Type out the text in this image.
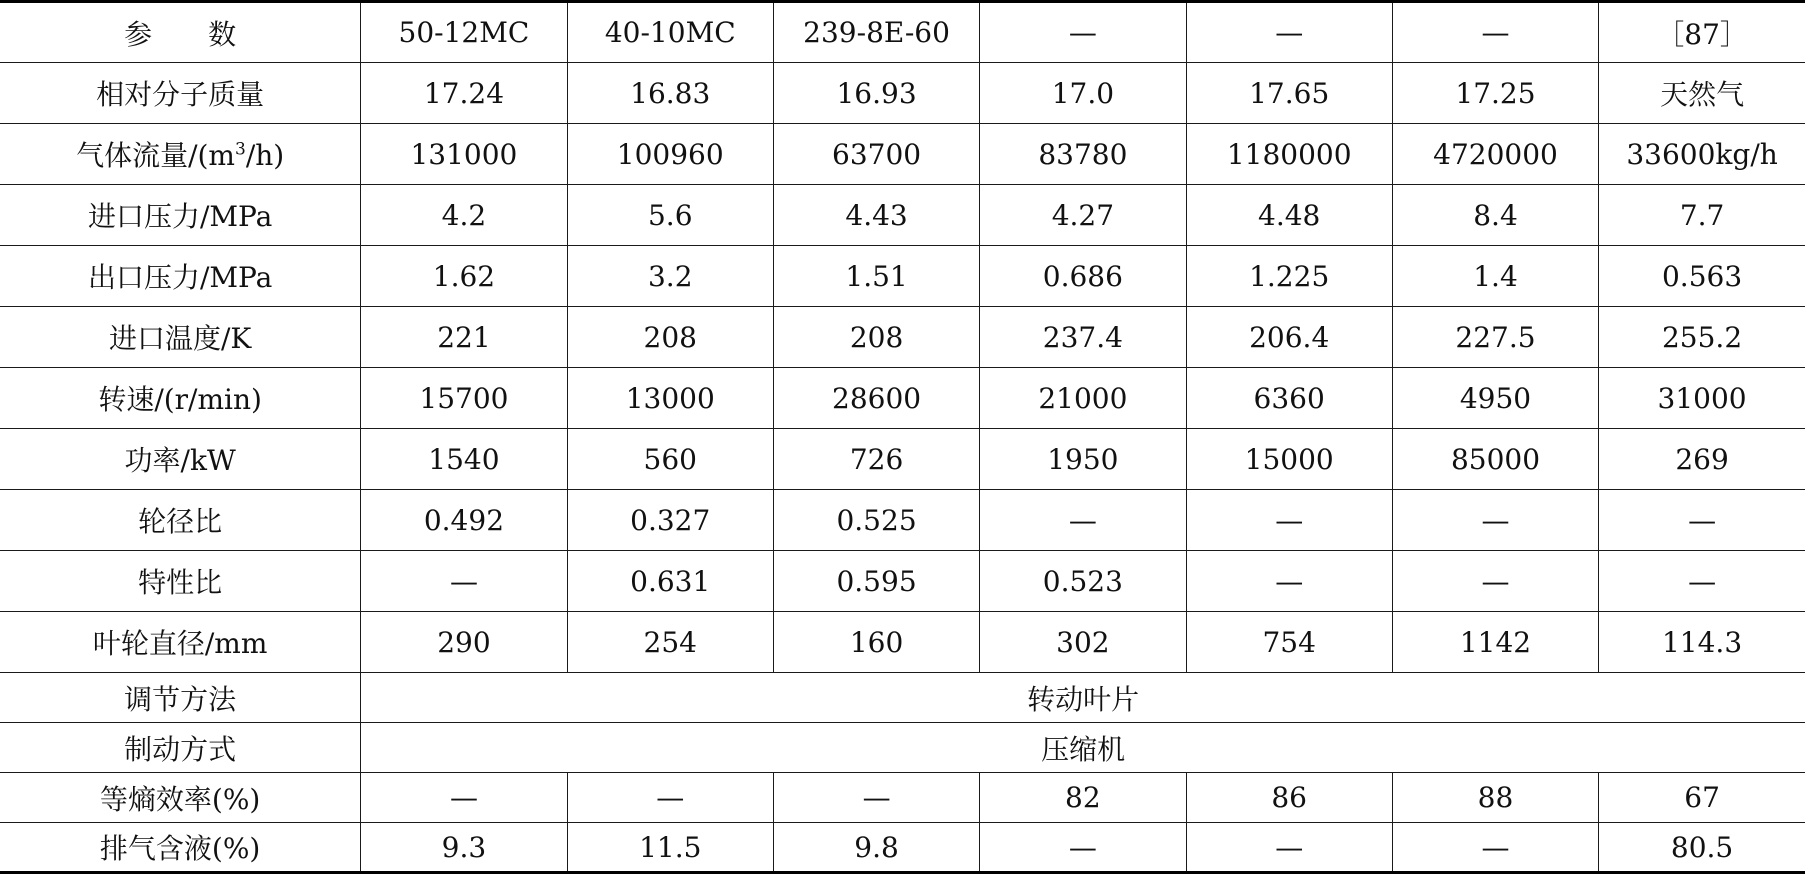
参　　数	50-12MC	40-10MC	239-8E-60	—	—	—	［87］
相对分子质量	17.24	16.83	16.93	17.0	17.65	17.25	天然气
气体流量$/(m^3/h)$	131000	100960	63700	83780	1180000	4720000	33600kg/h
进口压力/MPa	4.2	5.6	4.43	4.27	4.48	8.4	7.7
出口压力/MPa	1.62	3.2	1.51	0.686	1.225	1.4	0.563
进口温度/K	221	208	208	237.4	206.4	227.5	255.2
转速/(r/min)	15700	13000	28600	21000	6360	4950	31000
功率/kW	1540	560	726	1950	15000	85000	269
轮径比	0.492	0.327	0.525	—	—	—	—
特性比	—	0.631	0.595	0.523	—	—	—
叶轮直径/mm	290	254	160	302	754	1142	114.3
调节方法	转动叶片						
制动方式	压缩机						
等熵效率(%)	—	—	—	82	86	88	67
排气含液(%)	9.3	11.5	9.8	—	—	—	80.5
